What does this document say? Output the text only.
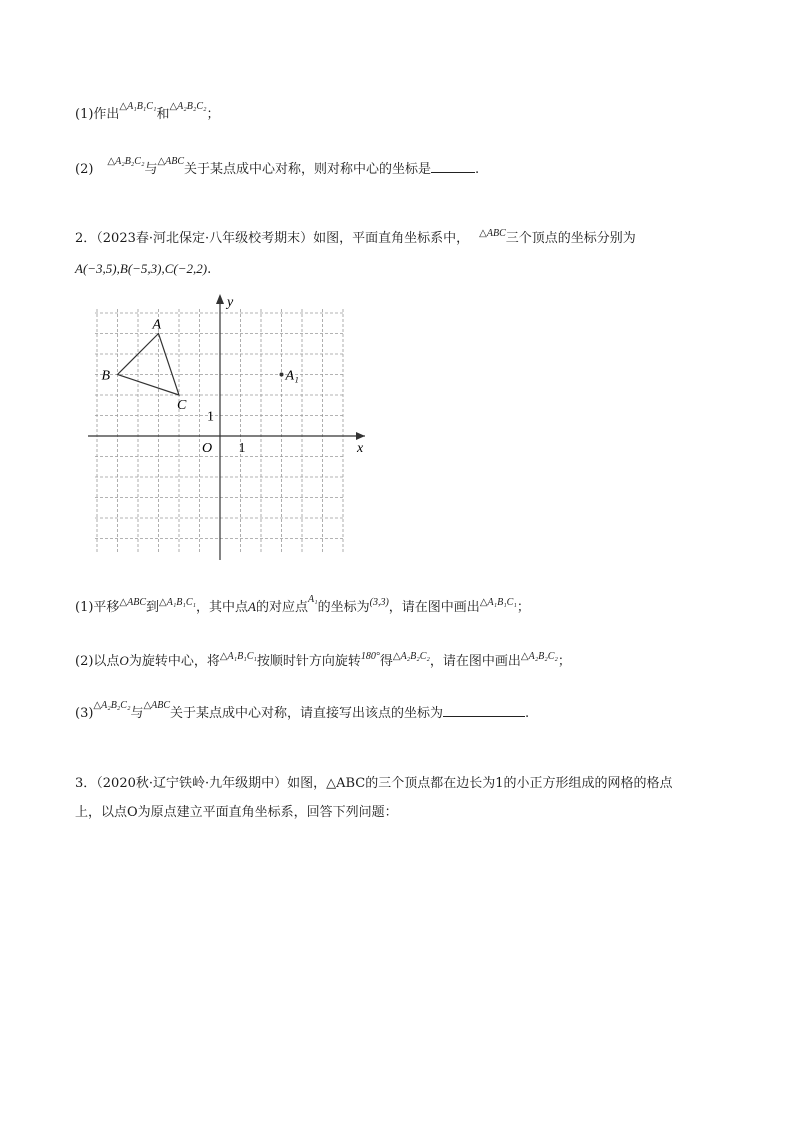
(1)作出$^{\triangle A_1B_1C_1}$和$^{\triangle A_2B_2C_2}$；
$(2)^{\triangle A_2B_2C_2}$与$^{\triangle ABC}$关于某点成中心对称，则对称中心的坐标是	.
2．（2023春·河北保定·八年级校考期末）如图，平面直角坐标系中， $^{\triangle ABC}$三个顶点的坐标分别为
A(−3,5),B(−5,3),C(−2,2).
A
B
C
A₁
O 1
1
x
y
(1)平移$^{\triangle ABC}$到$^{\triangle A_1B_1C_1}$，其中点A的对应点$^{A_1}$的坐标为$^{(3,3)}$，请在图中画出$^{\triangle A_1B_1C_1}$；
(2)以点O为旋转中心，将$^{\triangle A_1B_1C_1}$按顺时针方向旋转$^{180^\circ}$得$^{\triangle A_2B_2C_2}$，请在图中画出$^{\triangle A_2B_2C_2}$；
$(3)^{\triangle A_2B_2C_2}$与$^{\triangle ABC}$关于某点成中心对称，请直接写出该点的坐标为	.
3．（2020秋·辽宁铁岭·九年级期中）如图，△ABC的三个顶点都在边长为1的小正方形组成的网格的格点
上，以点O为原点建立平面直角坐标系，回答下列问题：
